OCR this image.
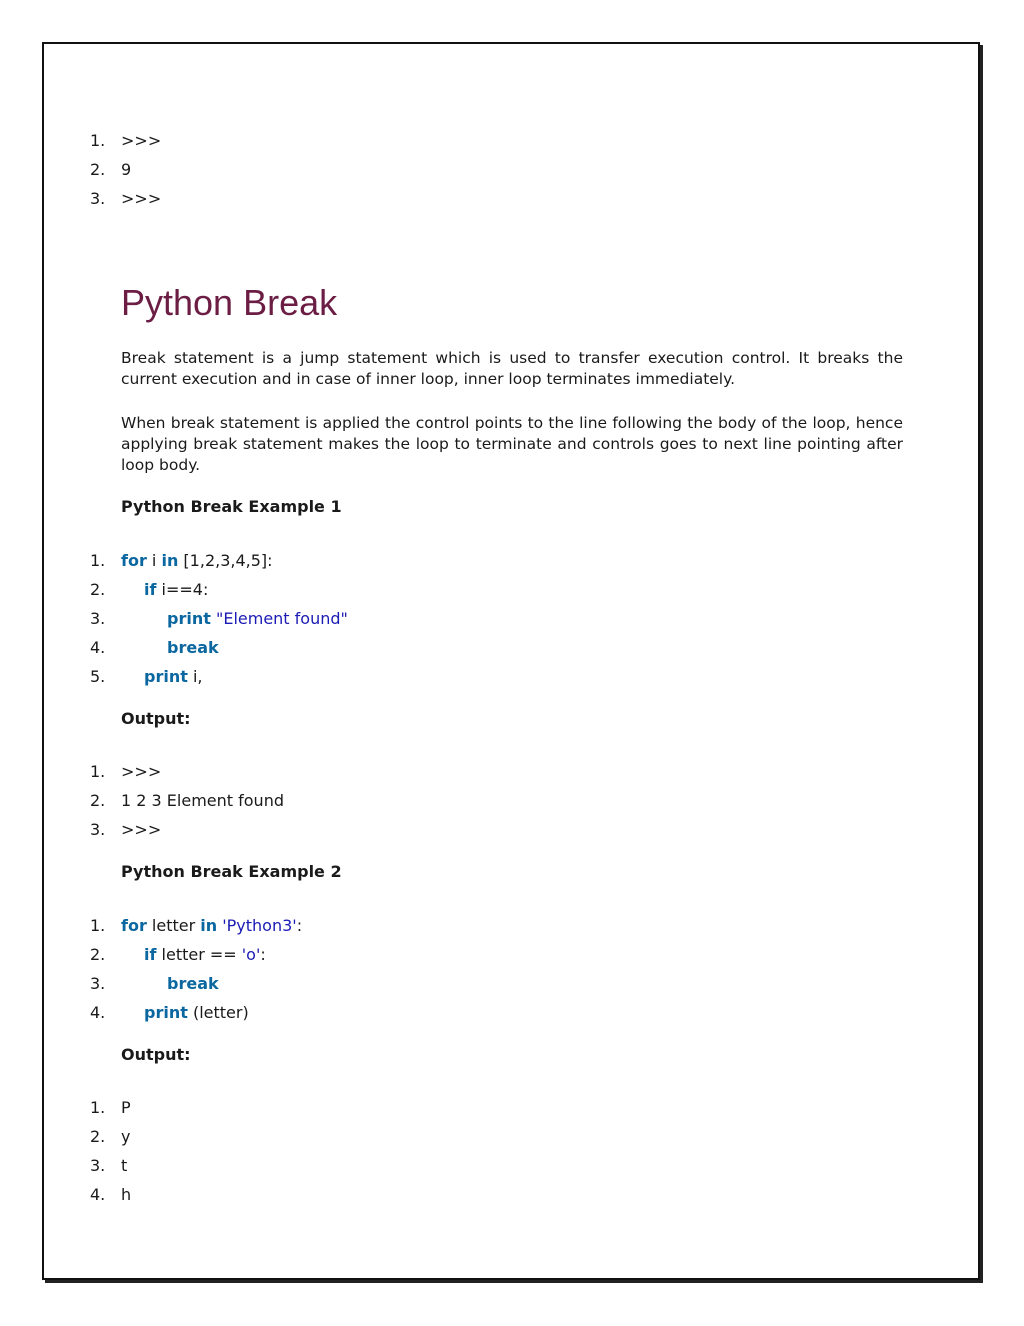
1. >>>
2. 9
3. >>>
Python Break

Break statement is a jump statement which is used to transfer execution control. It breaks the current execution and in case of inner loop, inner loop terminates immediately.

When break statement is applied the control points to the line following the body of the loop, hence applying break statement makes the loop to terminate and controls goes to next line pointing after loop body.

Python Break Example 1

1. for i in [1,2,3,4,5]:
2.	if i==4:
3.	print "Element found"
4.	break
5.	print i,

Output:

1. >>>
2. 1 2 3 Element found
3. >>>

Python Break Example 2

1. for letter in 'Python3':
2.	if letter == 'o':
3.	break
4.	print (letter)

Output:

1. P
2. y
3. t
4. h
